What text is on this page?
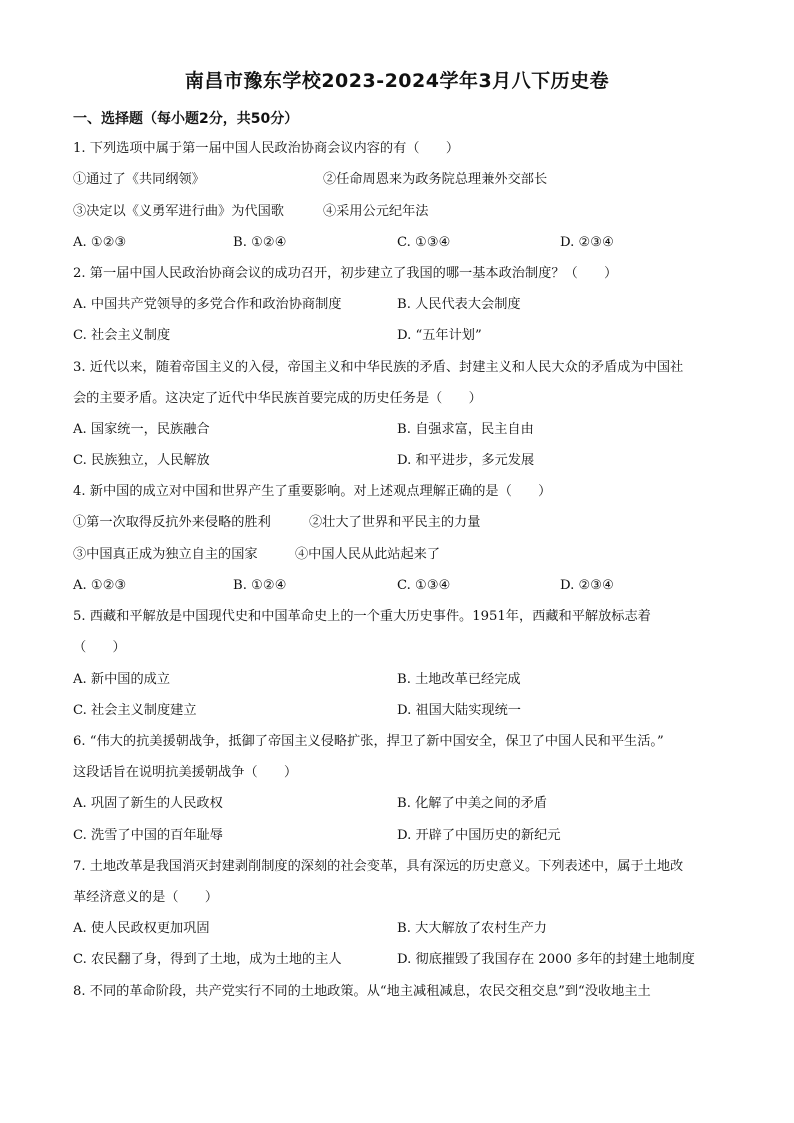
南昌市豫东学校2023-2024学年3月八下历史卷
一、选择题（每小题2分，共50分）
1. 下列选项中属于第一届中国人民政治协商会议内容的有（　　）
①通过了《共同纲领》	②任命周恩来为政务院总理兼外交部长
③决定以《义勇军进行曲》为代国歌	④采用公元纪年法
A. ①②③	B. ①②④	C. ①③④	D. ②③④
2. 第一届中国人民政治协商会议的成功召开，初步建立了我国的哪一基本政治制度？（　　）
A. 中国共产党领导的多党合作和政治协商制度	B. 人民代表大会制度
C. 社会主义制度	D. “五年计划”
3. 近代以来，随着帝国主义的入侵，帝国主义和中华民族的矛盾、封建主义和人民大众的矛盾成为中国社
会的主要矛盾。这决定了近代中华民族首要完成的历史任务是（　　）
A. 国家统一，民族融合	B. 自强求富，民主自由
C. 民族独立，人民解放	D. 和平进步，多元发展
4. 新中国的成立对中国和世界产生了重要影响。对上述观点理解正确的是（　　）
①第一次取得反抗外来侵略的胜利	②壮大了世界和平民主的力量
③中国真正成为独立自主的国家	④中国人民从此站起来了
A. ①②③	B. ①②④	C. ①③④	D. ②③④
5. 西藏和平解放是中国现代史和中国革命史上的一个重大历史事件。1951年，西藏和平解放标志着
（　　）
A. 新中国的成立	B. 土地改革已经完成
C. 社会主义制度建立	D. 祖国大陆实现统一
6. “伟大的抗美援朝战争，抵御了帝国主义侵略扩张，捍卫了新中国安全，保卫了中国人民和平生活。”
这段话旨在说明抗美援朝战争（　　）
A. 巩固了新生的人民政权	B. 化解了中美之间的矛盾
C. 洗雪了中国的百年耻辱	D. 开辟了中国历史的新纪元
7. 土地改革是我国消灭封建剥削制度的深刻的社会变革，具有深远的历史意义。下列表述中，属于土地改
革经济意义的是（　　）
A. 使人民政权更加巩固	B. 大大解放了农村生产力
C. 农民翻了身，得到了土地，成为土地的主人	D. 彻底摧毁了我国存在 2000 多年的封建土地制度
8. 不同的革命阶段，共产党实行不同的土地政策。从“地主减租减息，农民交租交息”到“没收地主土
